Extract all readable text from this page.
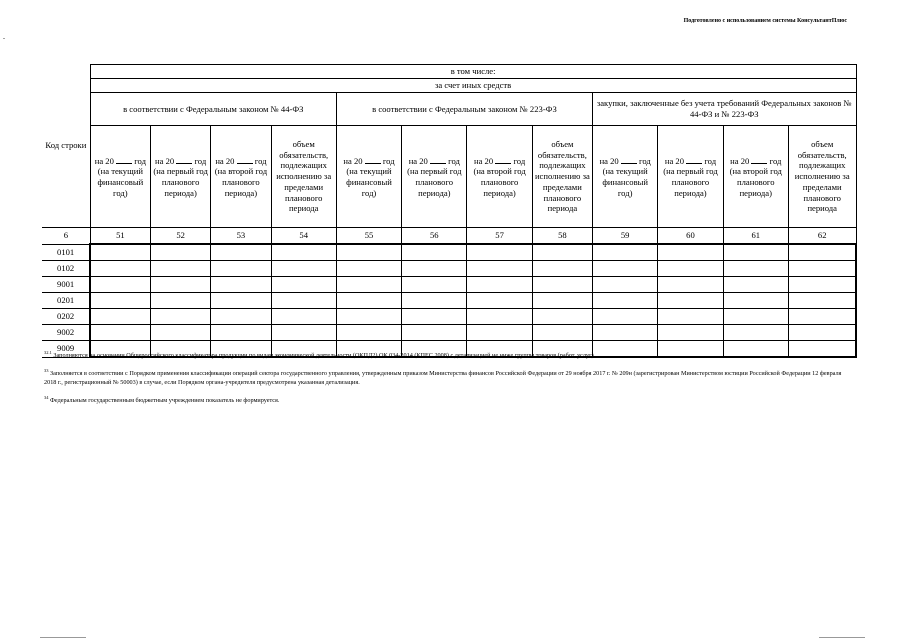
.
Подготовлено с использованием системы КонсультантПлюс
Код строки	в том числе:											
	за счет иных средств											
	в соответствии с Федеральным законом № 44-ФЗ				в соответствии с Федеральным законом № 223-ФЗ				закупки, заключенные без учета требований Федеральных законов № 44-ФЗ и № 223-ФЗ			
	на 20 год (на текущий финансовый год)	на 20 год (на первый год планового периода)	на 20 год (на второй год планового периода)	объем обязательств, подлежащих исполнению за пределами планового периода	на 20 год (на текущий финансовый год)	на 20 год (на первый год планового периода)	на 20 год (на второй год планового периода)	объем обязательств, подлежащих исполнению за пределами планового периода	на 20 год (на текущий финансовый год)	на 20 год (на первый год планового периода)	на 20 год (на второй год планового периода)	объем обязательств, подлежащих исполнению за пределами планового периода
6	51	52	53	54	55	56	57	58	59	60	61	62
0101												
0102												
9001												
0201												
0202												
9002												
9009												

$^{32.1}$ Заполняются на основании Общероссийского классификатора продукции по видам экономической деятельности (ОКПД2) ОК 034-2014 (КПЕС 2008) с детализацией не ниже группы товаров (работ, услуг).

$^{33}$ Заполняется в соответствии с Порядком применения классификации операций сектора государственного управления, утвержденным приказом Министерства финансов Российской Федерации от 29 ноября 2017 г. № 209н (зарегистрирован Министерством юстиции Российской Федерации 12 февраля 2018 г., регистрационный № 50003) в случае, если Порядком органа-учредителя предусмотрена указанная детализация.

$^{34}$ Федеральным государственным бюджетным учреждением показатель не формируется.
